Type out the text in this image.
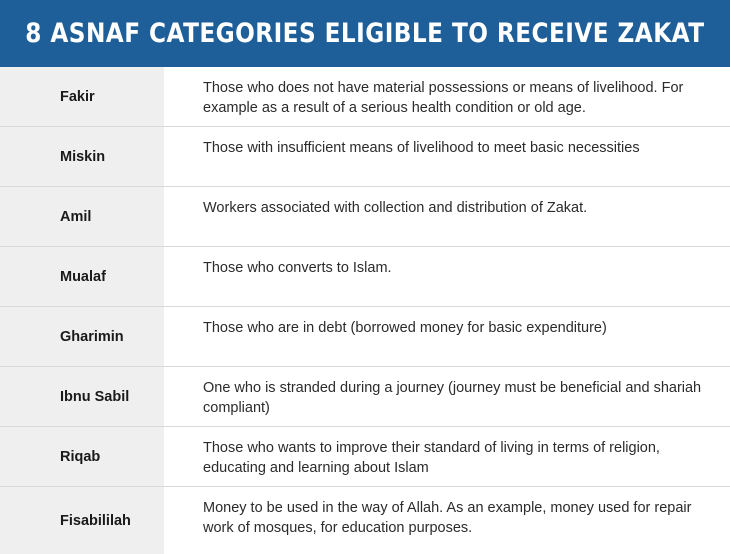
8 ASNAF CATEGORIES ELIGIBLE TO RECEIVE ZAKAT
Fakir
Those who does not have material possessions or means of livelihood. For example as a result of a serious health condition or old age.
Miskin
Those with insufficient means of livelihood to meet basic necessities
Amil
Workers associated with collection and distribution of Zakat.
Mualaf
Those who converts to Islam.
Gharimin
Those who are in debt (borrowed money for basic expenditure)
Ibnu Sabil
One who is stranded during a journey (journey must be beneficial and shariah compliant)
Riqab
Those who wants to improve their standard of living in terms of religion, educating and learning about Islam
Fisabililah
Money to be used in the way of Allah. As an example, money used for repair work of mosques, for education purposes.
